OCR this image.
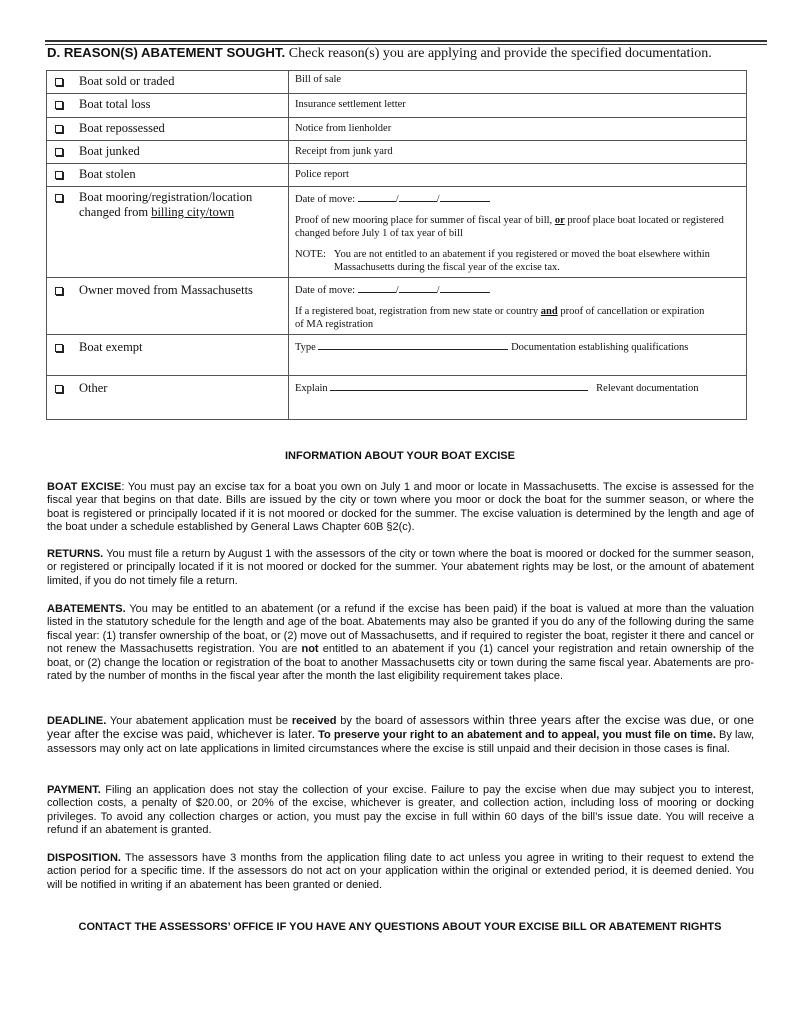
D. REASON(S) ABATEMENT SOUGHT. Check reason(s) you are applying and provide the specified documentation.
Boat sold or traded	Bill of sale

Boat total loss	Insurance settlement letter

Boat repossessed	Notice from lienholder

Boat junked	Receipt from junk yard

Boat stolen	Police report

Boat mooring/registration/location changed from billing city/town	Date of move: / /
Proof of new mooring place for summer of fiscal year of bill, or proof place boat located or registered changed before July 1 of tax year of bill
NOTE: You are not entitled to an abatement if you registered or moved the boat elsewhere within Massachusetts during the fiscal year of the excise tax.

Owner moved from Massachusetts	Date of move: / /
If a registered boat, registration from new state or country and proof of cancellation or expiration of MA registration

Boat exempt	Type Documentation establishing qualifications

Other	Explain Relevant documentation
INFORMATION ABOUT YOUR BOAT EXCISE
BOAT EXCISE: You must pay an excise tax for a boat you own on July 1 and moor or locate in Massachusetts. The excise is assessed for the fiscal year that begins on that date. Bills are issued by the city or town where you moor or dock the boat for the summer season, or where the boat is registered or principally located if it is not moored or docked for the summer. The excise valuation is determined by the length and age of the boat under a schedule established by General Laws Chapter 60B §2(c).
RETURNS. You must file a return by August 1 with the assessors of the city or town where the boat is moored or docked for the summer season, or registered or principally located if it is not moored or docked for the summer. Your abatement rights may be lost, or the amount of abatement limited, if you do not timely file a return.
ABATEMENTS. You may be entitled to an abatement (or a refund if the excise has been paid) if the boat is valued at more than the valuation listed in the statutory schedule for the length and age of the boat. Abatements may also be granted if you do any of the following during the same fiscal year: (1) transfer ownership of the boat, or (2) move out of Massachusetts, and if required to register the boat, register it there and cancel or not renew the Massachusetts registration. You are not entitled to an abatement if you (1) cancel your registration and retain ownership of the boat, or (2) change the location or registration of the boat to another Massachusetts city or town during the same fiscal year. Abatements are pro-rated by the number of months in the fiscal year after the month the last eligibility requirement takes place.
DEADLINE. Your abatement application must be received by the board of assessors within three years after the excise was due, or one year after the excise was paid, whichever is later. To preserve your right to an abatement and to appeal, you must file on time. By law, assessors may only act on late applications in limited circumstances where the excise is still unpaid and their decision in those cases is final.
PAYMENT. Filing an application does not stay the collection of your excise. Failure to pay the excise when due may subject you to interest, collection costs, a penalty of $20.00, or 20% of the excise, whichever is greater, and collection action, including loss of mooring or docking privileges. To avoid any collection charges or action, you must pay the excise in full within 60 days of the bill’s issue date. You will receive a refund if an abatement is granted.
DISPOSITION. The assessors have 3 months from the application filing date to act unless you agree in writing to their request to extend the action period for a specific time. If the assessors do not act on your application within the original or extended period, it is deemed denied. You will be notified in writing if an abatement has been granted or denied.
CONTACT THE ASSESSORS’ OFFICE IF YOU HAVE ANY QUESTIONS ABOUT YOUR EXCISE BILL OR ABATEMENT RIGHTS
